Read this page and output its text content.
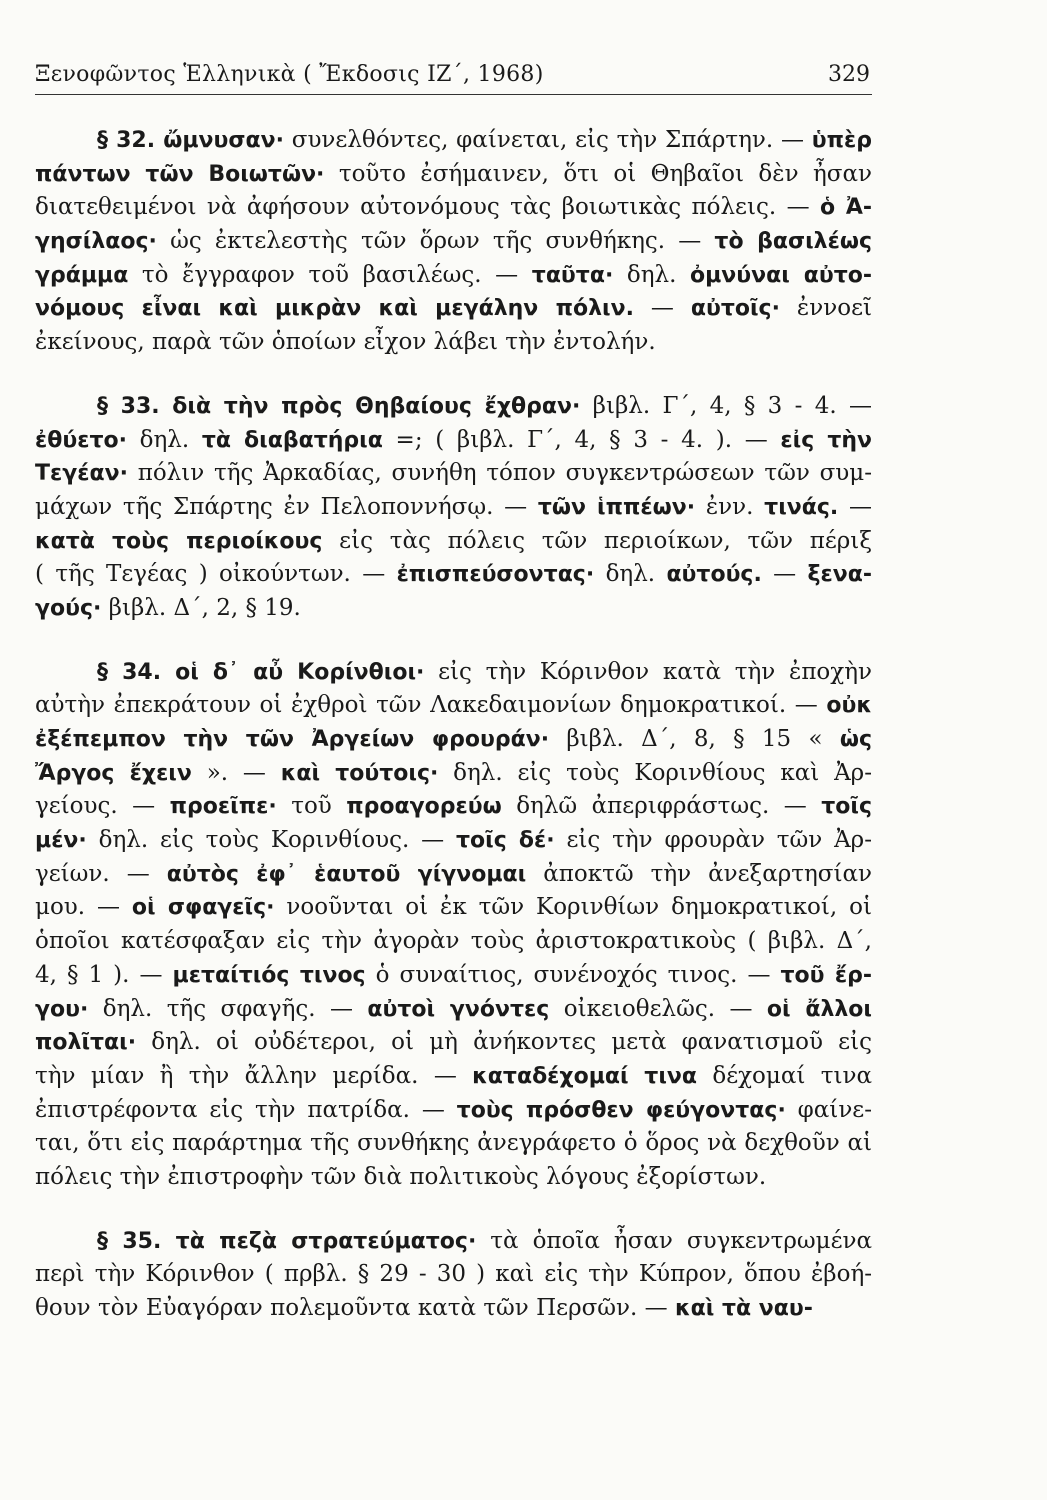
Ξενοφῶντος Ἑλληνικὰ ( Ἔκδοσις ΙΖ΄, 1968)	329
§ 32. ὤμνυσαν· συνελθόντες, φαίνεται, εἰς τὴν Σπάρτην. — ὑπὲρ
πάντων τῶν Βοιωτῶν· τοῦτο ἐσήμαινεν, ὅτι οἱ Θηβαῖοι δὲν ἦσαν
διατεθειμένοι νὰ ἀφήσουν αὐτονόμους τὰς βοιωτικὰς πόλεις. — ὁ Ἀ-
γησίλαος· ὡς ἐκτελεστὴς τῶν ὅρων τῆς συνθήκης. — τὸ βασιλέως
γράμμα τὸ ἔγγραφον τοῦ βασιλέως. — ταῦτα· δηλ. ὀμνύναι αὐτο-
νόμους εἶναι καὶ μικρὰν καὶ μεγάλην πόλιν. — αὐτοῖς· ἐννοεῖ
ἐκείνους, παρὰ τῶν ὁποίων εἶχον λάβει τὴν ἐντολήν.
§ 33. διὰ τὴν πρὸς Θηβαίους ἔχθραν· βιβλ. Γ΄, 4, § 3 - 4. —
ἐθύετο· δηλ. τὰ διαβατήρια =; ( βιβλ. Γ΄, 4, § 3 - 4. ). — εἰς τὴν
Τεγέαν· πόλιν τῆς Ἀρκαδίας, συνήθη τόπον συγκεντρώσεων τῶν συμ-
μάχων τῆς Σπάρτης ἐν Πελοποννήσῳ. — τῶν ἱππέων· ἐνν. τινάς. —
κατὰ τοὺς περιοίκους εἰς τὰς πόλεις τῶν περιοίκων, τῶν πέριξ
( τῆς Τεγέας ) οἰκούντων. — ἐπισπεύσοντας· δηλ. αὐτούς. — ξενα-
γούς· βιβλ. Δ΄, 2, § 19.
§ 34. οἱ δ᾽ αὖ Κορίνθιοι· εἰς τὴν Κόρινθον κατὰ τὴν ἐποχὴν
αὐτὴν ἐπεκράτουν οἱ ἐχθροὶ τῶν Λακεδαιμονίων δημοκρατικοί. — οὐκ
ἐξέπεμπον τὴν τῶν Ἀργείων φρουράν· βιβλ. Δ΄, 8, § 15 « ὡς
Ἄργος ἔχειν ». — καὶ τούτοις· δηλ. εἰς τοὺς Κορινθίους καὶ Ἀρ-
γείους. — προεῖπε· τοῦ προαγορεύω δηλῶ ἀπεριφράστως. — τοῖς
μέν· δηλ. εἰς τοὺς Κορινθίους. — τοῖς δέ· εἰς τὴν φρουρὰν τῶν Ἀρ-
γείων. — αὐτὸς ἐφ᾽ ἑαυτοῦ γίγνομαι ἀποκτῶ τὴν ἀνεξαρτησίαν
μου. — οἱ σφαγεῖς· νοοῦνται οἱ ἐκ τῶν Κορινθίων δημοκρατικοί, οἱ
ὁποῖοι κατέσφαξαν εἰς τὴν ἀγορὰν τοὺς ἀριστοκρατικοὺς ( βιβλ. Δ΄,
4, § 1 ). — μεταίτιός τινος ὁ συναίτιος, συνένοχός τινος. — τοῦ ἔρ-
γου· δηλ. τῆς σφαγῆς. — αὐτοὶ γνόντες οἰκειοθελῶς. — οἱ ἄλλοι
πολῖται· δηλ. οἱ οὐδέτεροι, οἱ μὴ ἀνήκοντες μετὰ φανατισμοῦ εἰς
τὴν μίαν ἢ τὴν ἄλλην μερίδα. — καταδέχομαί τινα δέχομαί τινα
ἐπιστρέφοντα εἰς τὴν πατρίδα. — τοὺς πρόσθεν φεύγοντας· φαίνε-
ται, ὅτι εἰς παράρτημα τῆς συνθήκης ἀνεγράφετο ὁ ὅρος νὰ δεχθοῦν αἱ
πόλεις τὴν ἐπιστροφὴν τῶν διὰ πολιτικοὺς λόγους ἐξορίστων.
§ 35. τὰ πεζὰ στρατεύματος· τὰ ὁποῖα ἦσαν συγκεντρωμένα
περὶ τὴν Κόρινθον ( πρβλ. § 29 - 30 ) καὶ εἰς τὴν Κύπρον, ὅπου ἐβοή-
θουν τὸν Εὐαγόραν πολεμοῦντα κατὰ τῶν Περσῶν. — καὶ τὰ ναυ-
